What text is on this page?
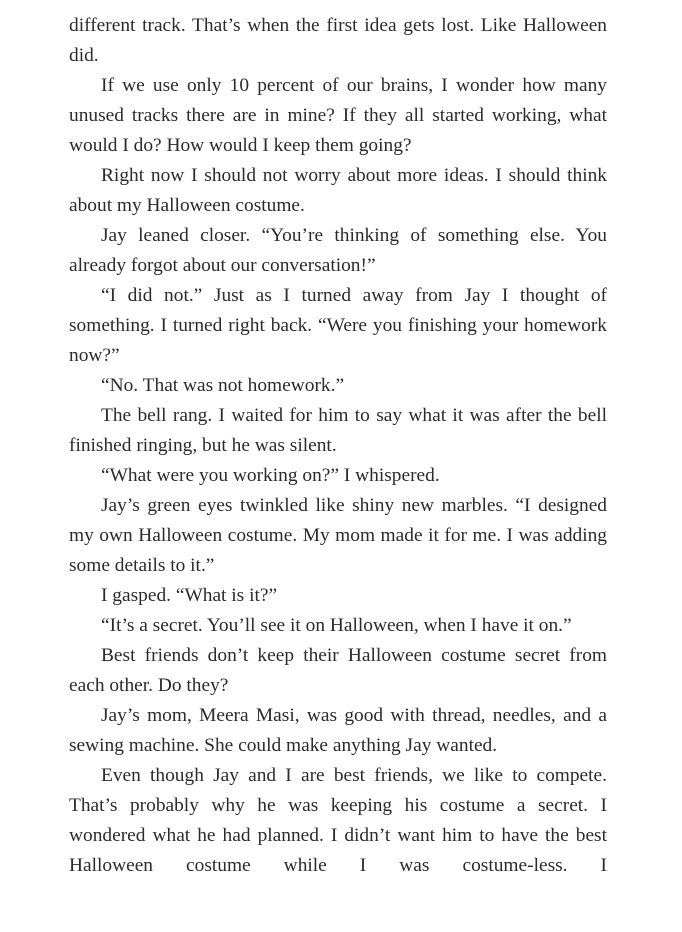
different track. That’s when the first idea gets lost. Like Halloween did.

If we use only 10 percent of our brains, I wonder how many unused tracks there are in mine? If they all started working, what would I do? How would I keep them going?

Right now I should not worry about more ideas. I should think about my Halloween costume.

Jay leaned closer. “You’re thinking of something else. You already forgot about our conversation!”

“I did not.” Just as I turned away from Jay I thought of something. I turned right back. “Were you finishing your homework now?”

“No. That was not homework.”

The bell rang. I waited for him to say what it was after the bell finished ringing, but he was silent.

“What were you working on?” I whispered.

Jay’s green eyes twinkled like shiny new marbles. “I designed my own Halloween costume. My mom made it for me. I was adding some details to it.”

I gasped. “What is it?”

“It’s a secret. You’ll see it on Halloween, when I have it on.”

Best friends don’t keep their Halloween costume secret from each other. Do they?

Jay’s mom, Meera Masi, was good with thread, needles, and a sewing machine. She could make anything Jay wanted.

Even though Jay and I are best friends, we like to compete. That’s probably why he was keeping his costume a secret. I wondered what he had planned. I didn’t want him to have the best Halloween costume while I was costume-less. I
